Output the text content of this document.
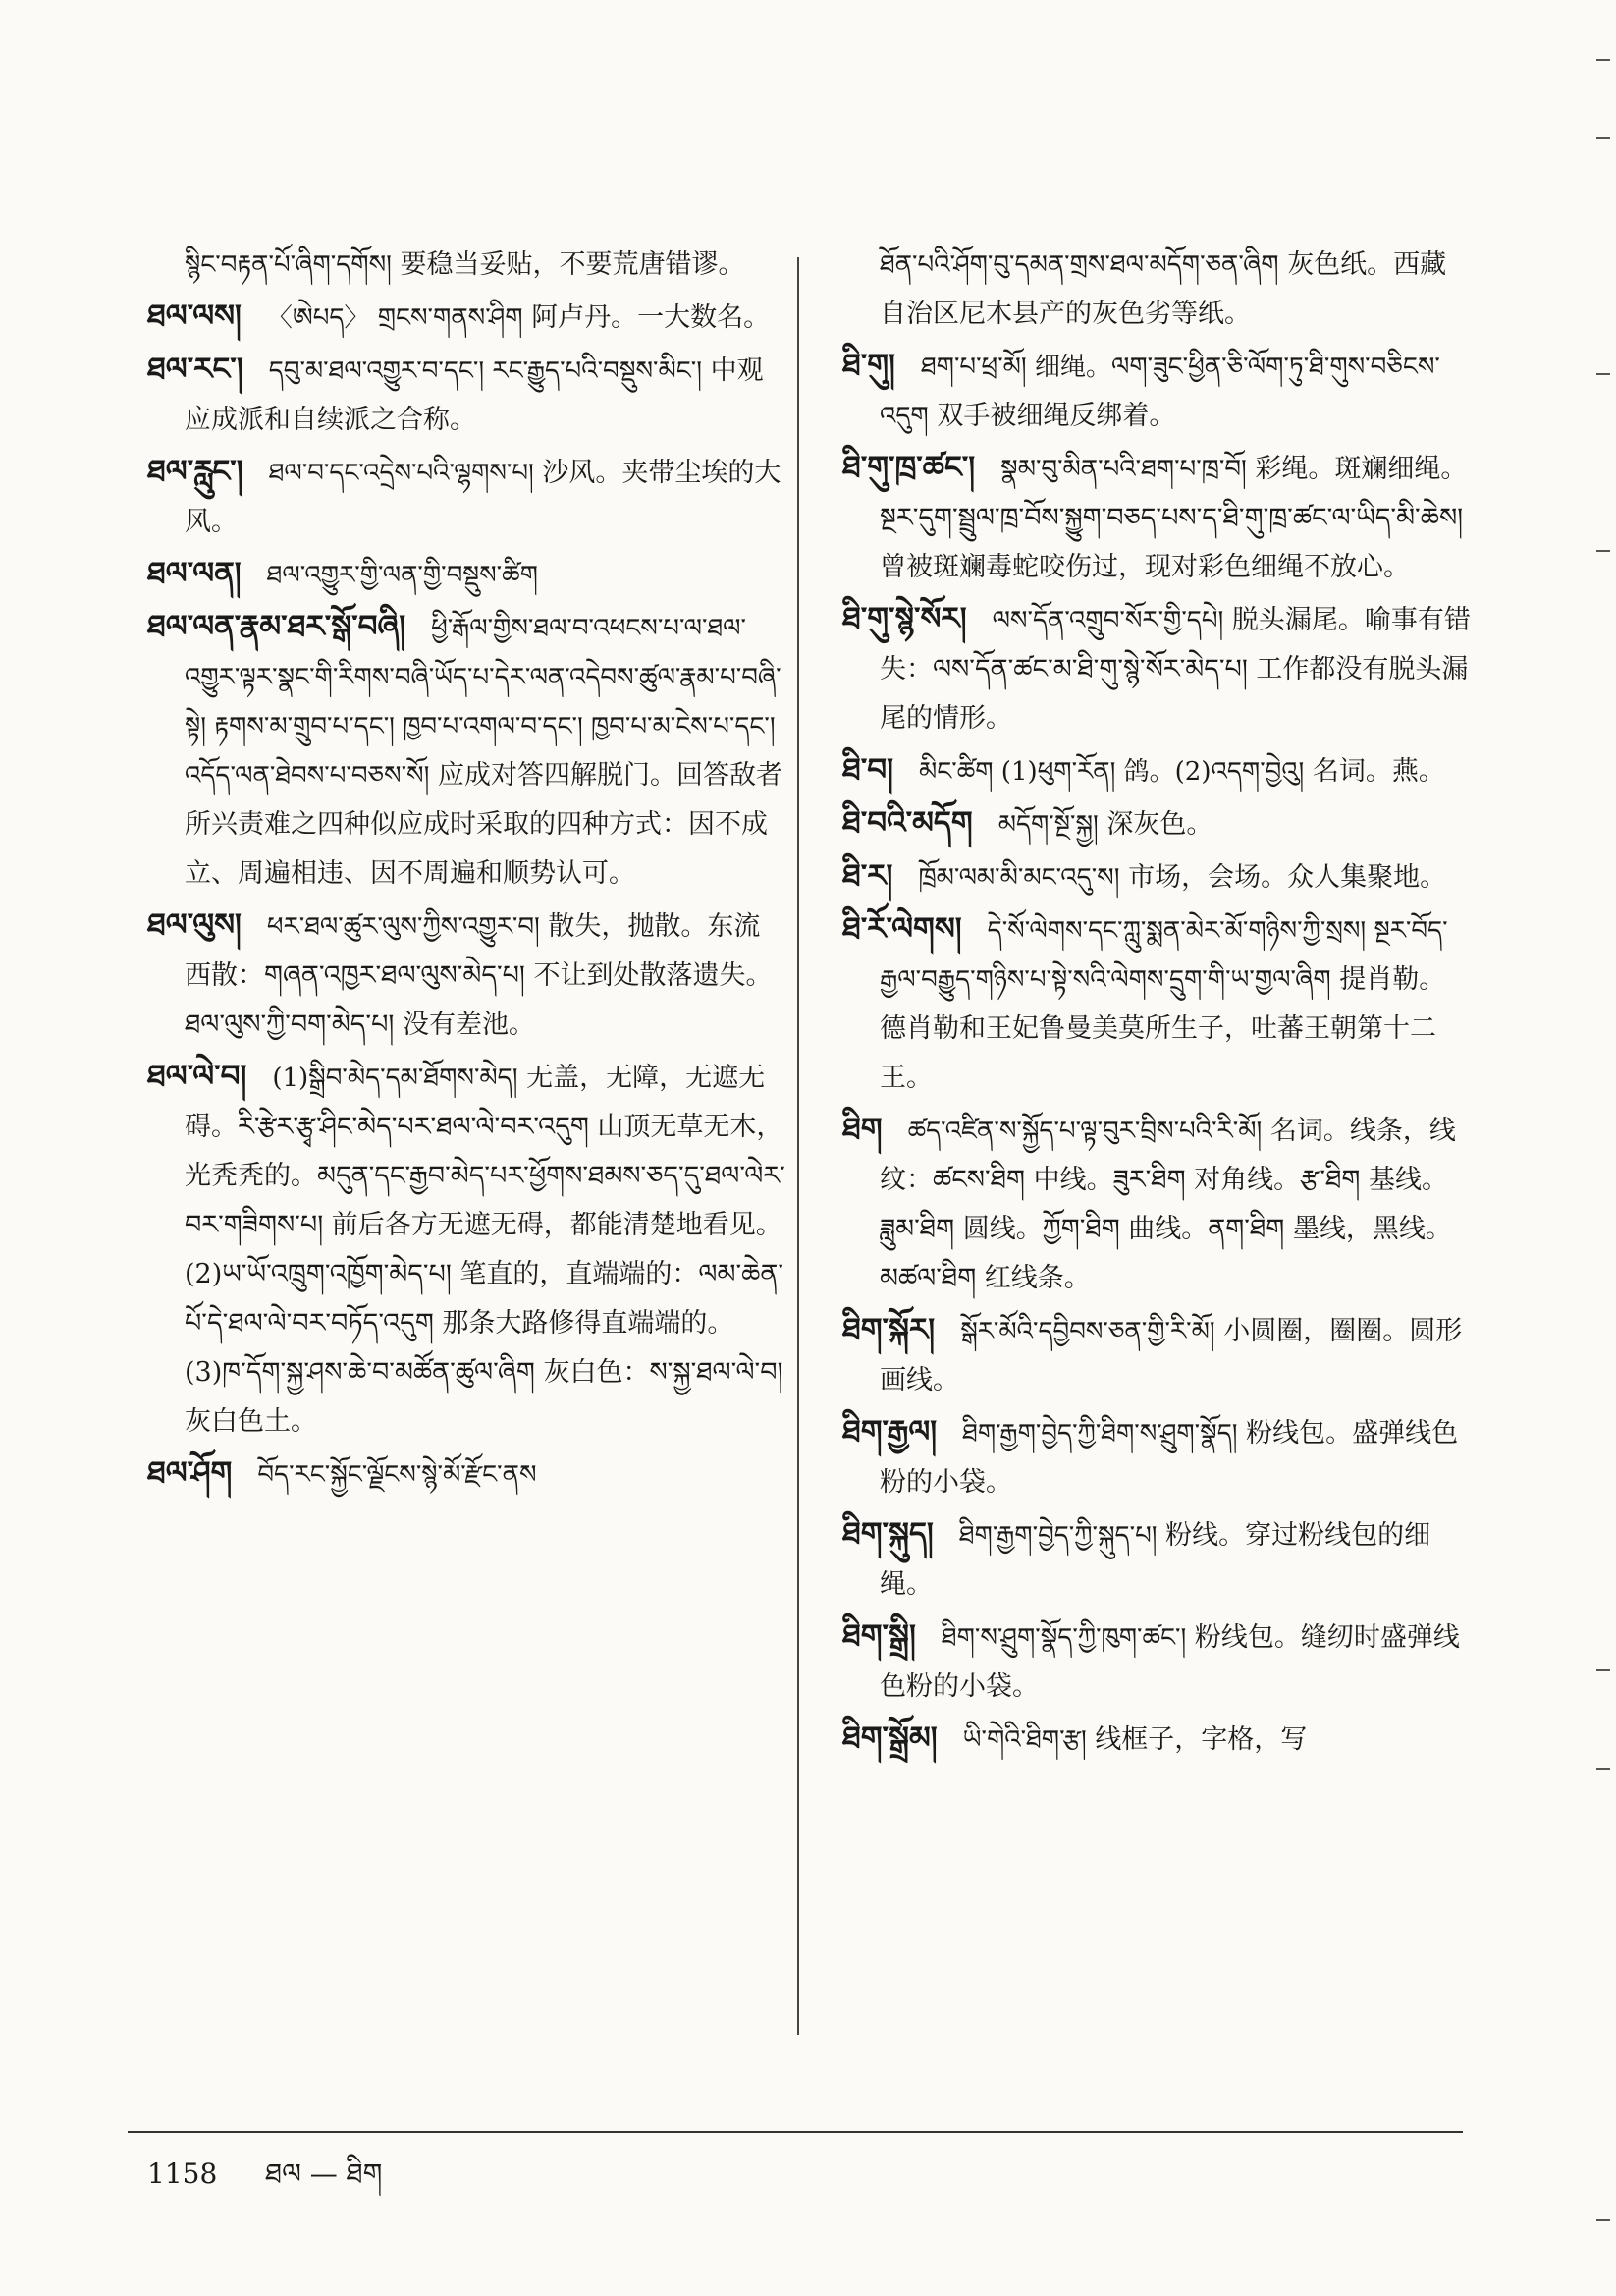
སྙིང་བརྟན་པོ་ཞིག་དགོས། 要稳当妥贴，不要荒唐错谬。
ཐལ་ལས། 〈ཨེཔད〉 གྲངས་གནས་ཤིག 阿卢丹。一大数名。
ཐལ་རང་། དབུ་མ་ཐལ་འགྱུར་བ་དང་། རང་རྒྱུད་པའི་བསྡུས་མིང་། 中观应成派和自续派之合称。
ཐལ་རླུང་། ཐལ་བ་དང་འདྲེས་པའི་ལྷགས་པ། 沙风。夹带尘埃的大风。
ཐལ་ལན། ཐལ་འགྱུར་གྱི་ལན་གྱི་བསྡུས་ཚིག
ཐལ་ལན་རྣམ་ཐར་སྒོ་བཞི། ཕྱི་རྒོལ་གྱིས་ཐལ་བ་འཕངས་པ་ལ་ཐལ་འགྱུར་ལྟར་སྣང་གི་རིགས་བཞི་ཡོད་པ་དེར་ལན་འདེབས་ཚུལ་རྣམ་པ་བཞི་སྟེ། རྟགས་མ་གྲུབ་པ་དང་། ཁྱབ་པ་འགལ་བ་དང་། ཁྱབ་པ་མ་ངེས་པ་དང་། འདོད་ལན་ཐེབས་པ་བཅས་སོ། 应成对答四解脱门。回答敌者所兴责难之四种似应成时采取的四种方式：因不成立、周遍相违、因不周遍和顺势认可。
ཐལ་ལུས། ཕར་ཐལ་ཚུར་ལུས་ཀྱིས་འགྱུར་བ། 散失，抛散。东流西散：གཞན་འཁྱར་ཐལ་ལུས་མེད་པ། 不让到处散落遗失。ཐལ་ལུས་ཀྱི་བག་མེད་པ། 没有差池。
ཐལ་ལེ་བ། (1)སྒྲིབ་མེད་དམ་ཐོགས་མེད། 无盖，无障，无遮无碍。རི་རྩེར་རྩྭ་ཤིང་མེད་པར་ཐལ་ལེ་བར་འདུག 山顶无草无木，光秃秃的。མདུན་དང་རྒྱབ་མེད་པར་ཕྱོགས་ཐམས་ཅད་དུ་ཐལ་ལེར་བར་གཟིགས་པ། 前后各方无遮无碍，都能清楚地看见。(2)ཡ་ཡོ་འཁྲུག་འཁྱོག་མེད་པ། 笔直的，直端端的：ལམ་ཆེན་པོ་དེ་ཐལ་ལེ་བར་བཏོད་འདུག 那条大路修得直端端的。(3)ཁ་དོག་སྐྱ་ཤས་ཆེ་བ་མཚོན་ཚུལ་ཞིག 灰白色：ས་སྐྱ་ཐལ་ལེ་བ། 灰白色土。
ཐལ་ཤོག བོད་རང་སྐྱོང་ལྗོངས་སྙེ་མོ་རྫོང་ནས
ཐོན་པའི་ཤོག་བུ་དམན་གྲས་ཐལ་མདོག་ཅན་ཞིག 灰色纸。西藏自治区尼木县产的灰色劣等纸。
ཐི་གུ། ཐག་པ་ཕྲ་མོ། 细绳。ལག་ཟུང་ཕྱིན་ཅི་ལོག་ཏུ་ཐི་གུས་བཅིངས་འདུག 双手被细绳反绑着。
ཐི་གུ་ཁྲ་ཚང་། སྣམ་བུ་མིན་པའི་ཐག་པ་ཁྲ་བོ། 彩绳。斑斓细绳。སྔར་དུག་སྦྲུལ་ཁྲ་བོས་སྐྱུག་བཅད་པས་ད་ཐི་གུ་ཁྲ་ཚང་ལ་ཡིད་མི་ཆེས། 曾被斑斓毒蛇咬伤过，现对彩色细绳不放心。
ཐི་གུ་སྙེ་སོར། ལས་དོན་འགྲུབ་སོར་གྱི་དཔེ། 脱头漏尾。喻事有错失：ལས་དོན་ཚང་མ་ཐི་གུ་སྙེ་སོར་མེད་པ། 工作都没有脱头漏尾的情形。
ཐི་བ། མིང་ཚིག (1)ཕུག་རོན། 鸽。(2)འདག་བྱེའུ། 名词。燕。
ཐི་བའི་མདོག མདོག་སྔོ་སྐྱ། 深灰色。
ཐི་ར། ཁྲོམ་ལམ་མི་མང་འདུ་ས། 市场，会场。众人集聚地。
ཐི་རོ་ལེགས། དེ་སོ་ལེགས་དང་ཀླུ་སྨན་མེར་མོ་གཉིས་ཀྱི་སྲས། སྔར་བོད་རྒྱལ་བརྒྱུད་གཉིས་པ་སྟེ་སའི་ལེགས་དྲུག་གི་ཡ་གྱལ་ཞིག 提肖勒。德肖勒和王妃鲁曼美莫所生子，吐蕃王朝第十二王。
ཐིག ཚད་འཛིན་ས་སྐྱོད་པ་ལྟ་བུར་བྲིས་པའི་རི་མོ། 名词。线条，线纹：ཚངས་ཐིག 中线。ཟུར་ཐིག 对角线。རྩ་ཐིག 基线。ཟླུམ་ཐིག 圆线。ཀྱོག་ཐིག 曲线。ནག་ཐིག 墨线，黑线。མཚལ་ཐིག 红线条。
ཐིག་སྐོར། སྒོར་མོའི་དབྱིབས་ཅན་གྱི་རི་མོ། 小圆圈，圈圈。圆形画线。
ཐིག་རྒྱལ། ཐིག་རྒྱག་བྱེད་ཀྱི་ཐིག་ས་ཤྲུག་སྣོད། 粉线包。盛弹线色粉的小袋。
ཐིག་སྐུད། ཐིག་རྒྱག་བྱེད་ཀྱི་སྐུད་པ། 粉线。穿过粉线包的细绳。
ཐིག་སྒྲི། ཐིག་ས་ཤྲུག་སྣོད་ཀྱི་ཁུག་ཚང་། 粉线包。缝纫时盛弹线色粉的小袋。
ཐིག་སྒྲོམ། ཡི་གེའི་ཐིག་རྩ། 线框子，字格，写
1158 ཐལ — ཐིག
